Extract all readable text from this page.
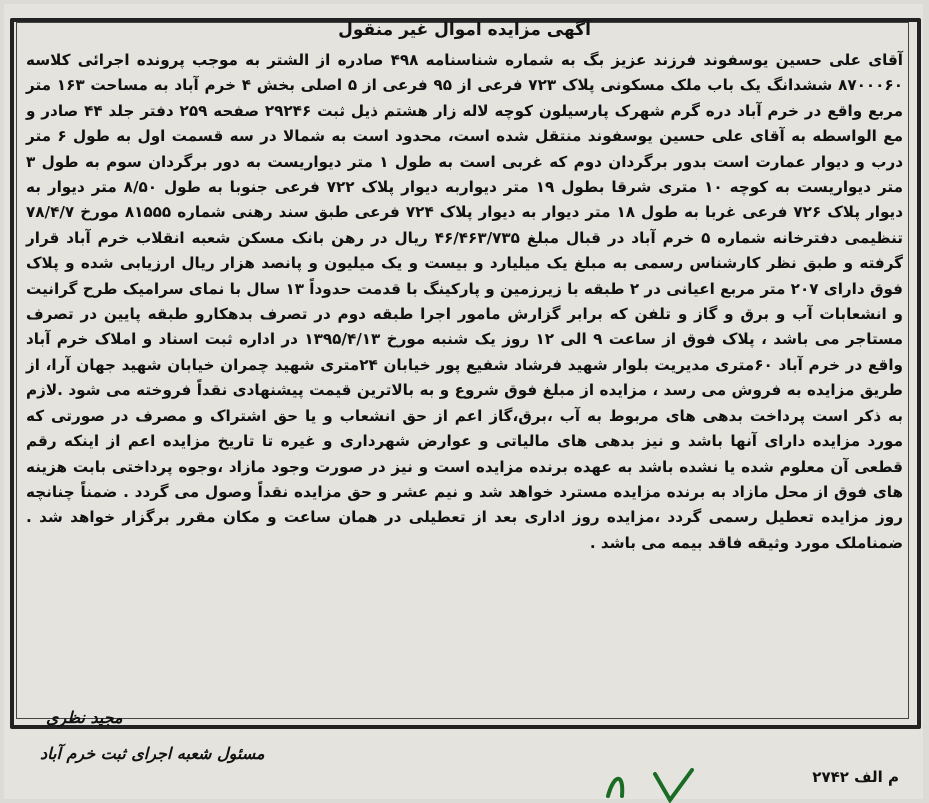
آگهی مزایده اموال غیر منقول
آقای علی حسین یوسفوند فرزند عزیز بگ به شماره شناسنامه ۴۹۸ صادره از الشتر به موجب پرونده اجرائی کلاسه ۸۷۰۰۰۶۰ ششدانگ یک باب ملک مسکونی پلاک ۷۲۳ فرعی از ۹۵ فرعی از ۵ اصلی بخش ۴ خرم آباد به مساحت ۱۶۳ متر مربع واقع در خرم آباد دره گرم شهرک پارسیلون کوچه لاله زار هشتم ذیل ثبت ۲۹۲۴۶ صفحه ۲۵۹ دفتر جلد ۴۴ صادر و مع الواسطه به آقای علی حسین یوسفوند منتقل شده است، محدود است به شمالا در سه قسمت اول به طول ۶ متر درب و دیوار عمارت است بدور برگردان دوم که غربی است به طول ۱ متر دیواریست به دور برگردان سوم به طول ۳ متر دیواریست به کوچه ۱۰ متری شرقا بطول ۱۹ متر دیواربه دیوار پلاک ۷۲۲ فرعی جنوبا به طول ۸/۵۰ متر دیوار به دیوار پلاک ۷۲۶ فرعی غربا به طول ۱۸ متر دیوار به دیوار پلاک ۷۲۴ فرعی طبق سند رهنی شماره ۸۱۵۵۵ مورخ ۷۸/۴/۷ تنظیمی دفترخانه شماره ۵ خرم آباد در قبال مبلغ ۴۶/۴۶۳/۷۳۵ ریال در رهن بانک مسکن شعبه انقلاب خرم آباد قرار گرفته و طبق نظر کارشناس رسمی به مبلغ یک میلیارد و بیست و یک میلیون و پانصد هزار ریال ارزیابی شده و پلاک فوق دارای ۲۰۷ متر مربع اعیانی در ۲ طبقه با زیرزمین و پارکینگ با قدمت حدوداً ۱۳ سال با نمای سرامیک طرح گرانیت و انشعابات آب و برق و گاز و تلفن که برابر گزارش مامور اجرا طبقه دوم در تصرف بدهکارو طبقه پایین در تصرف مستاجر می باشد ، پلاک فوق از ساعت ۹ الی ۱۲ روز یک شنبه مورخ ۱۳۹۵/۴/۱۳ در اداره ثبت اسناد و املاک خرم آباد واقع در خرم آباد ۶۰متری مدیریت بلوار شهید فرشاد شفیع پور خیابان ۲۴متری شهید چمران خیابان شهید جهان آرا، از طریق مزایده به فروش می رسد ، مزایده از مبلغ فوق شروع و به بالاترین قیمت پیشنهادی نقداً فروخته می شود .لازم به ذکر است پرداخت بدهی های مربوط به آب ،برق،گاز اعم از حق انشعاب و یا حق اشتراک و مصرف در صورتی که مورد مزایده دارای آنها باشد و نیز بدهی های مالیاتی و عوارض شهرداری و غیره تا تاریخ مزایده اعم از اینکه رقم قطعی آن معلوم شده یا نشده باشد به عهده برنده مزایده است و نیز در صورت وجود مازاد ،وجوه پرداختی بابت هزینه های فوق از محل مازاد به برنده مزایده مسترد خواهد شد و نیم عشر و حق مزایده نقداً وصول می گردد . ضمناً چنانچه روز مزایده تعطیل رسمی گردد ،مزایده روز اداری بعد از تعطیلی در همان ساعت و مکان مقرر برگزار خواهد شد . ضمناملک مورد وثیقه فاقد بیمه می باشد .
مجید نظری
مسئول شعبه اجرای ثبت خرم آباد
م الف ۲۷۴۲
